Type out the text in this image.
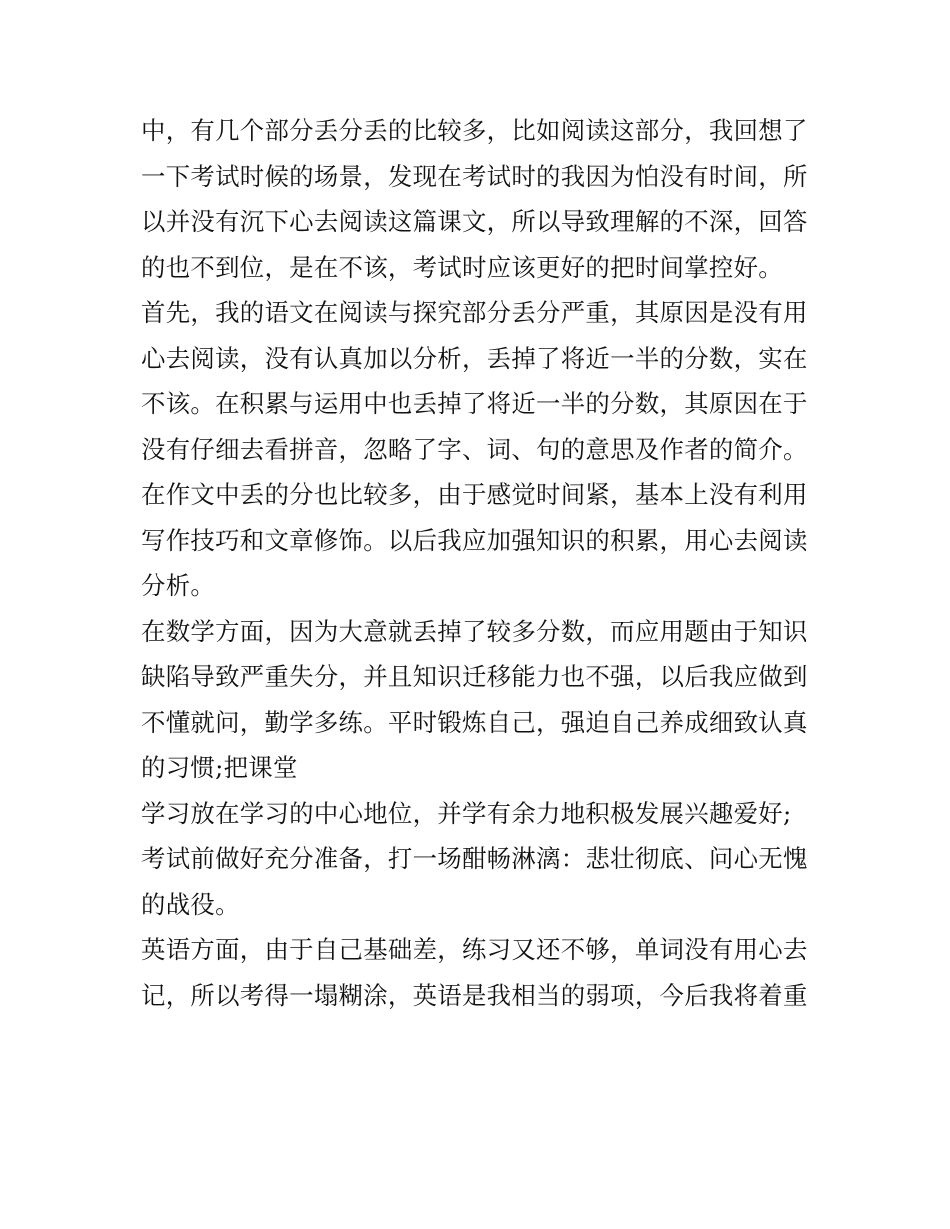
中，有几个部分丢分丢的比较多，比如阅读这部分，我回想了
一下考试时候的场景，发现在考试时的我因为怕没有时间，所
以并没有沉下心去阅读这篇课文，所以导致理解的不深，回答
的也不到位，是在不该，考试时应该更好的把时间掌控好。
首先，我的语文在阅读与探究部分丢分严重，其原因是没有用
心去阅读，没有认真加以分析，丢掉了将近一半的分数，实在
不该。在积累与运用中也丢掉了将近一半的分数，其原因在于
没有仔细去看拼音，忽略了字、词、句的意思及作者的简介。
在作文中丢的分也比较多，由于感觉时间紧，基本上没有利用
写作技巧和文章修饰。以后我应加强知识的积累，用心去阅读
分析。
在数学方面，因为大意就丢掉了较多分数，而应用题由于知识
缺陷导致严重失分，并且知识迁移能力也不强，以后我应做到
不懂就问，勤学多练。平时锻炼自己，强迫自己养成细致认真
的习惯;把课堂
学习放在学习的中心地位，并学有余力地积极发展兴趣爱好;
考试前做好充分准备，打一场酣畅淋漓：悲壮彻底、问心无愧
的战役。
英语方面，由于自己基础差，练习又还不够，单词没有用心去
记，所以考得一塌糊涂，英语是我相当的弱项，今后我将着重
